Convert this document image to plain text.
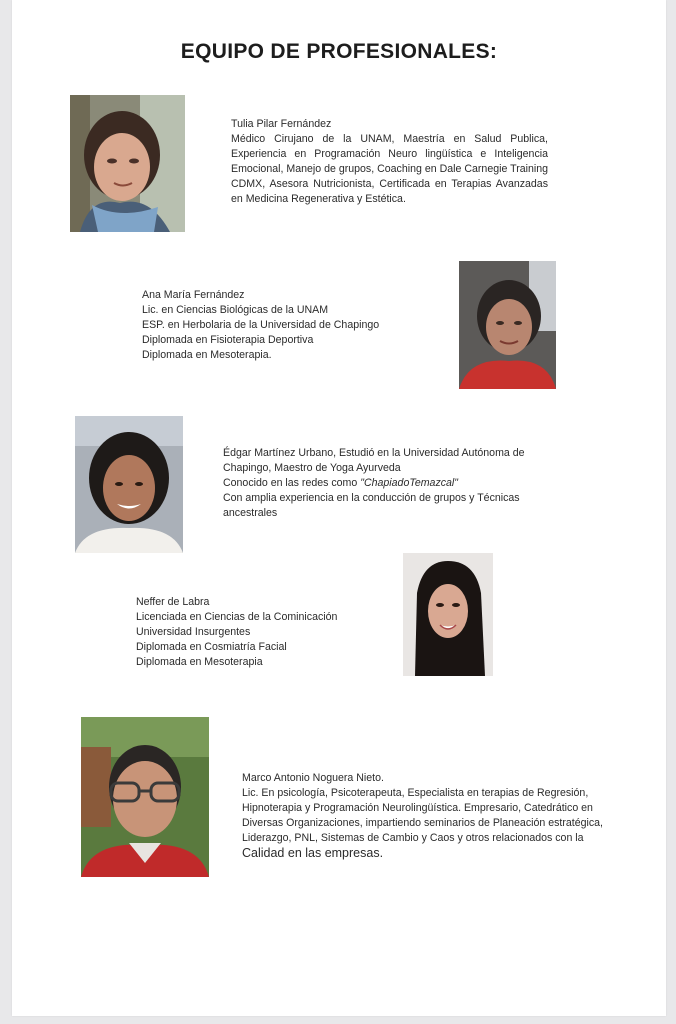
EQUIPO DE PROFESIONALES:

Tulia Pilar Fernández

Médico Cirujano de la UNAM, Maestría en Salud Publica, Experiencia en Programación Neuro lingüística e Inteligencia Emocional, Manejo de grupos, Coaching en Dale Carnegie Training CDMX, Asesora Nutricionista, Certificada en Terapias Avanzadas en Medicina Regenerativa y Estética.

Ana María Fernández

Lic. en Ciencias Biológicas de la UNAM

ESP. en Herbolaria de la Universidad de Chapingo

Diplomada en Fisioterapia Deportiva

Diplomada en Mesoterapia.

Édgar Martínez Urbano, Estudió en la Universidad Autónoma de Chapingo, Maestro de Yoga Ayurveda

Conocido en las redes como "ChapiadoTemazcal"

Con amplia experiencia en la conducción de grupos y Técnicas ancestrales

Neffer de Labra

Licenciada en Ciencias de la Cominicación

Universidad Insurgentes

Diplomada en Cosmiatría Facial

Diplomada en Mesoterapia

Marco Antonio Noguera Nieto.

Lic. En psicología, Psicoterapeuta, Especialista en terapias de Regresión, Hipnoterapia y Programación Neurolingüística. Empresario, Catedrático en Diversas Organizaciones, impartiendo seminarios de Planeación estratégica, Liderazgo, PNL, Sistemas de Cambio y Caos y otros relacionados con la Calidad en las empresas.
